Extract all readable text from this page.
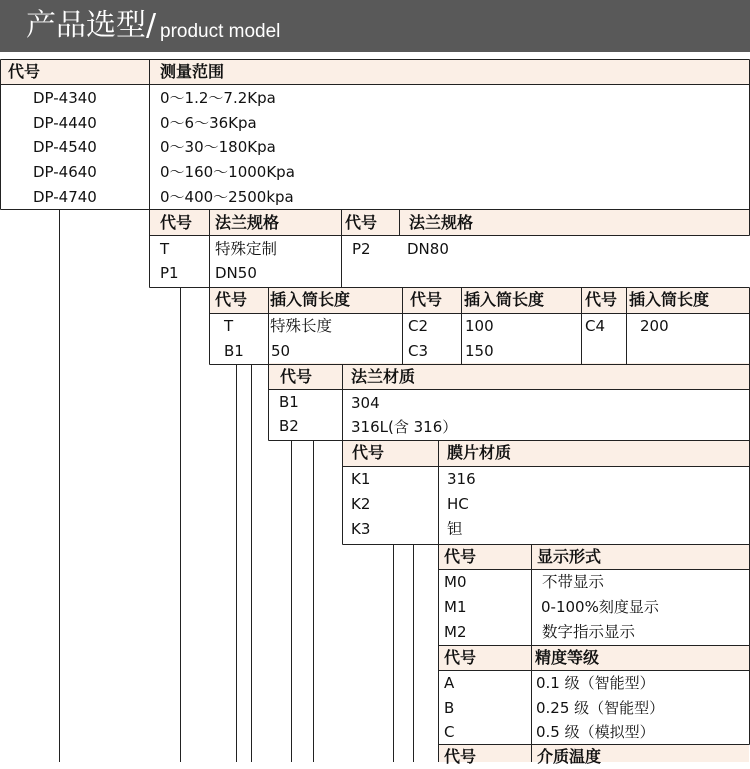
产品选型/ product model
代号	测量范围
DP-4340	0～1.2～7.2Kpa
DP-4440	0～6～36Kpa
DP-4540	0～30～180Kpa
DP-4640	0～160～1000Kpa
DP-4740	0～400～2500kpa
代号 法兰规格	代号 法兰规格
T	特殊定制	P2 DN80
P1 DN50
代号 插入筒长度	代号 插入筒长度	代号 插入筒长度
T 特殊长度	C2 100	C4 200
B1 50	C3 150
代号 法兰材质
B1	304
B2	316L(含 316）
代号	膜片材质
K1	316
K2	HC
K3	钽
代号	显示形式
M0	不带显示
M1	0-100%刻度显示
M2	数字指示显示
代号	精度等级
A	0.1 级（智能型）
B	0.25 级（智能型）
C	0.5 级（模拟型）
代号	介质温度
